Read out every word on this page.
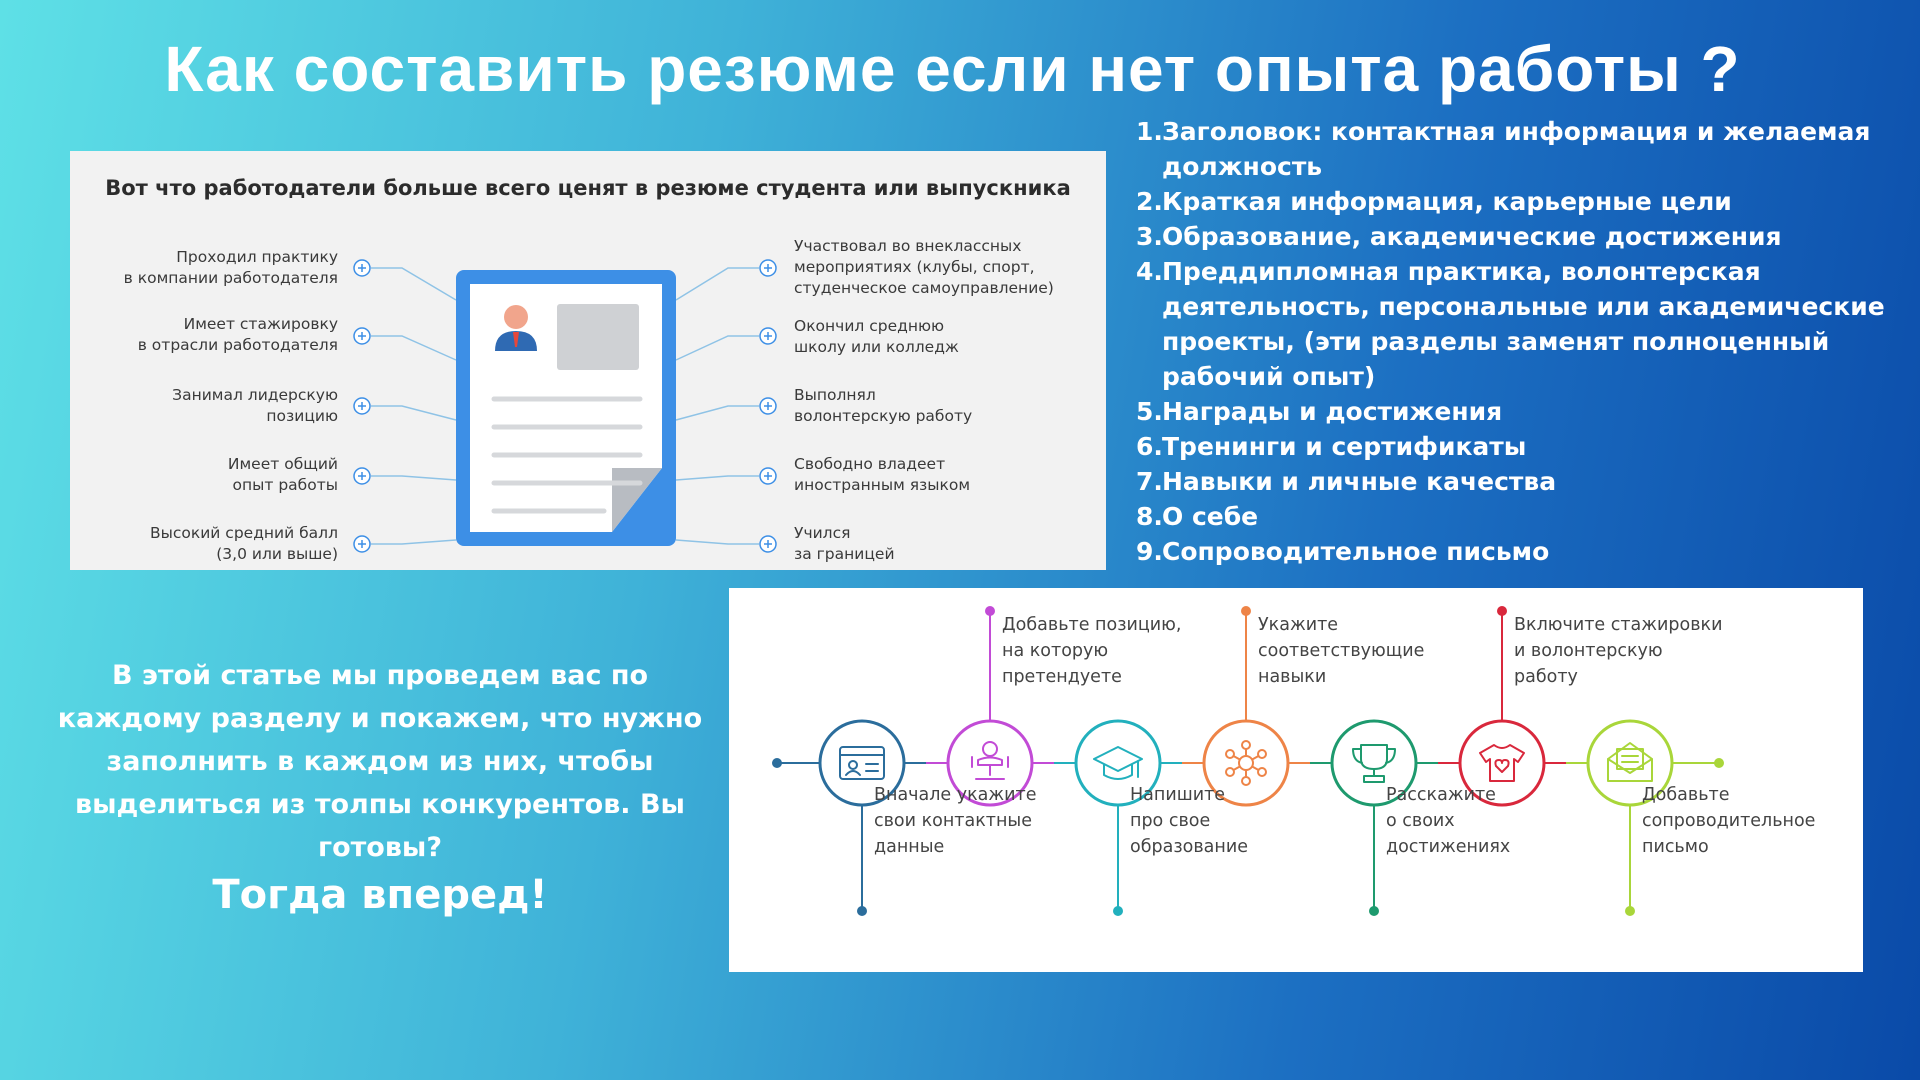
Как составить резюме если нет опыта работы ?
Вот что работодатели больше всего ценят в резюме студента или выпускника
Проходил практику
в компании работодателя
Имеет стажировку
в отрасли работодателя
Занимал лидерскую
позицию
Имеет общий
опыт работы
Высокий средний балл
(3,0 или выше)
Участвовал во внеклассных
мероприятиях (клубы, спорт,
студенческое самоуправление)
Окончил среднюю
школу или колледж
Выполнял
волонтерскую работу
Свободно владеет
иностранным языком
Учился
за границей
1. Заголовок: контактная информация и желаемая должность
2. Краткая информация, карьерные цели
3. Образование, академические достижения
4. Преддипломная практика, волонтерская деятельность, персональные или академические проекты, (эти разделы заменят полноценный рабочий опыт)
5. Награды и достижения
6. Тренинги и сертификаты
7. Навыки и личные качества
8. О себе
9. Сопроводительное письмо
В этой статье мы проведем вас по каждому разделу и покажем, что нужно заполнить в каждом из них, чтобы выделиться из толпы конкурентов. Вы готовы?
Тогда вперед!
Вначале укажите
свои контактные
данные
Добавьте позицию,
на которую
претендуете
Напишите
про свое
образование
Укажите
соответствующие
навыки
Расскажите
о своих
достижениях
Включите стажировки
и волонтерскую
работу
Добавьте
сопроводительное
письмо
